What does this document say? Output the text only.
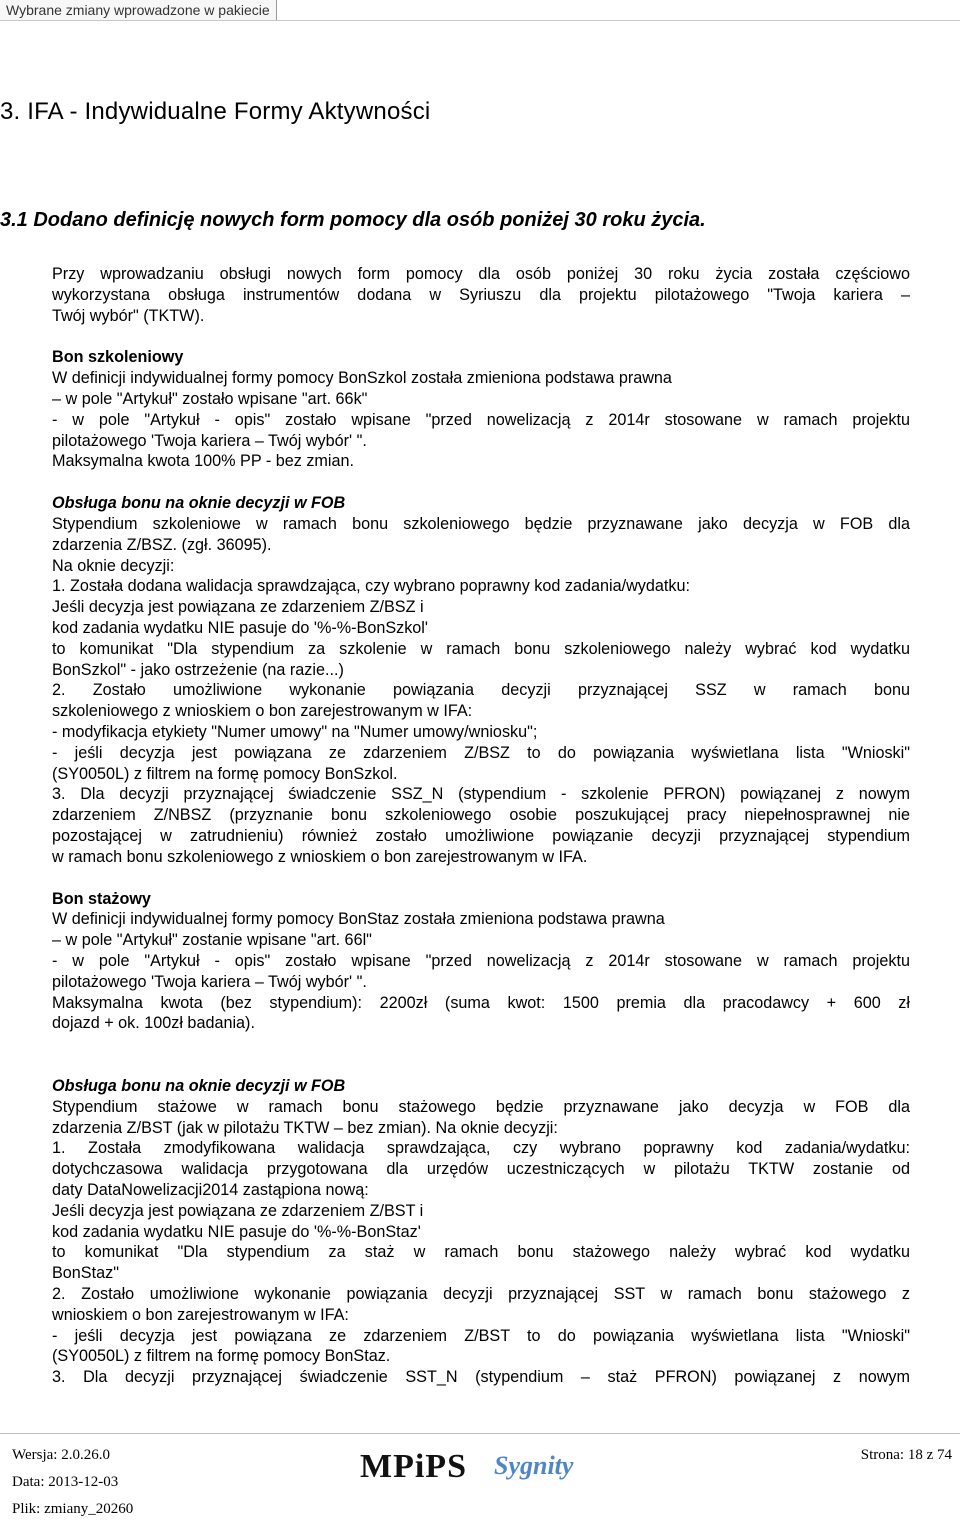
Wybrane zmiany wprowadzone w pakiecie
3. IFA - Indywidualne Formy Aktywności
3.1 Dodano definicję nowych form pomocy dla osób poniżej 30 roku życia.

Przy wprowadzaniu obsługi nowych form pomocy dla osób poniżej 30 roku życia została częściowo
wykorzystana obsługa instrumentów dodana w Syriuszu dla projektu pilotażowego "Twoja kariera –
Twój wybór" (TKTW).

Bon szkoleniowy
W definicji indywidualnej formy pomocy BonSzkol została zmieniona podstawa prawna
– w pole "Artykuł" zostało wpisane "art. 66k"
- w pole "Artykuł - opis" zostało wpisane "przed nowelizacją z 2014r stosowane w ramach projektu
pilotażowego 'Twoja kariera – Twój wybór' ".
Maksymalna kwota 100% PP - bez zmian.

Obsługa bonu na oknie decyzji w FOB
Stypendium szkoleniowe w ramach bonu szkoleniowego będzie przyznawane jako decyzja w FOB dla
zdarzenia Z/BSZ. (zgł. 36095).
Na oknie decyzji:
1. Została dodana walidacja sprawdzająca, czy wybrano poprawny kod zadania/wydatku:
Jeśli decyzja jest powiązana ze zdarzeniem Z/BSZ i
kod zadania wydatku NIE pasuje do '%-%-BonSzkol'
to komunikat "Dla stypendium za szkolenie w ramach bonu szkoleniowego należy wybrać kod wydatku
BonSzkol" - jako ostrzeżenie (na razie...)
2. Zostało umożliwione wykonanie powiązania decyzji przyznającej SSZ w ramach bonu
szkoleniowego z wnioskiem o bon zarejestrowanym w IFA:
- modyfikacja etykiety "Numer umowy" na "Numer umowy/wniosku";
- jeśli decyzja jest powiązana ze zdarzeniem Z/BSZ to do powiązania wyświetlana lista "Wnioski"
(SY0050L) z filtrem na formę pomocy BonSzkol.
3. Dla decyzji przyznającej świadczenie SSZ_N (stypendium - szkolenie PFRON) powiązanej z nowym
zdarzeniem Z/NBSZ (przyznanie bonu szkoleniowego osobie poszukującej pracy niepełnosprawnej nie
pozostającej w zatrudnieniu) również zostało umożliwione powiązanie decyzji przyznającej stypendium
w ramach bonu szkoleniowego z wnioskiem o bon zarejestrowanym w IFA.

Bon stażowy
W definicji indywidualnej formy pomocy BonStaz została zmieniona podstawa prawna
– w pole "Artykuł" zostanie wpisane "art. 66l"
- w pole "Artykuł - opis" zostało wpisane "przed nowelizacją z 2014r stosowane w ramach projektu
pilotażowego 'Twoja kariera – Twój wybór' ".
Maksymalna kwota (bez stypendium): 2200zł (suma kwot: 1500 premia dla pracodawcy + 600 zł
dojazd + ok. 100zł badania).

Obsługa bonu na oknie decyzji w FOB
Stypendium stażowe w ramach bonu stażowego będzie przyznawane jako decyzja w FOB dla
zdarzenia Z/BST (jak w pilotażu TKTW – bez zmian). Na oknie decyzji:
1. Została zmodyfikowana walidacja sprawdzająca, czy wybrano poprawny kod zadania/wydatku:
dotychczasowa walidacja przygotowana dla urzędów uczestniczących w pilotażu TKTW zostanie od
daty DataNowelizacji2014 zastąpiona nową:
Jeśli decyzja jest powiązana ze zdarzeniem Z/BST i
kod zadania wydatku NIE pasuje do '%-%-BonStaz'
to komunikat "Dla stypendium za staż w ramach bonu stażowego należy wybrać kod wydatku
BonStaz"
2. Zostało umożliwione wykonanie powiązania decyzji przyznającej SST w ramach bonu stażowego z
wnioskiem o bon zarejestrowanym w IFA:
- jeśli decyzja jest powiązana ze zdarzeniem Z/BST to do powiązania wyświetlana lista "Wnioski"
(SY0050L) z filtrem na formę pomocy BonStaz.
3. Dla decyzji przyznającej świadczenie SST_N (stypendium – staż PFRON) powiązanej z nowym

Wersja: 2.0.26.0
Data: 2013-12-03
Plik: zmiany_20260
MPiPS Sygnity	Strona: 18 z 74
